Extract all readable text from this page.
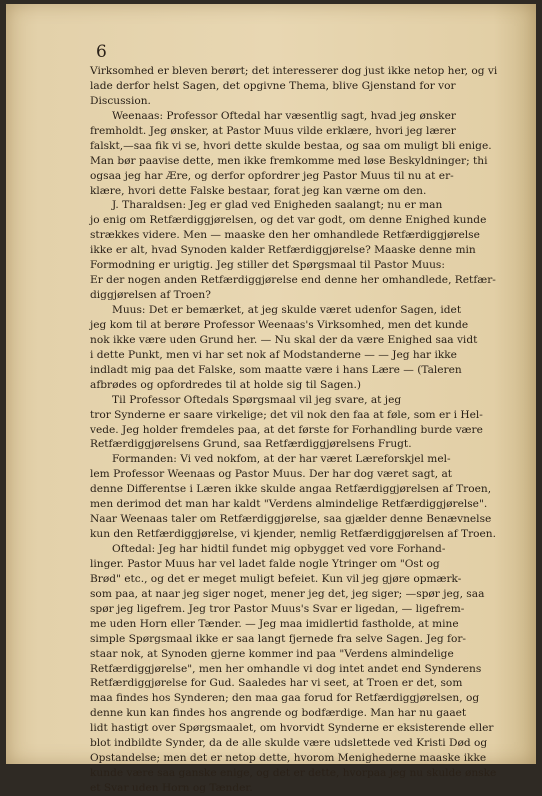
6
Virksomhed er bleven berørt; det interesserer dog just ikke netop her, og vi
lade derfor helst Sagen, det opgivne Thema, blive Gjenstand for vor
Discussion.
Weenaas: Professor Oftedal har væsentlig sagt, hvad jeg ønsker
fremholdt. Jeg ønsker, at Pastor Muus vilde erklære, hvori jeg lærer
falskt,—saa fik vi se, hvori dette skulde bestaa, og saa om muligt bli enige.
Man bør paavise dette, men ikke fremkomme med løse Beskyldninger; thi
ogsaa jeg har Ære, og derfor opfordrer jeg Pastor Muus til nu at er-
klære, hvori dette Falske bestaar, forat jeg kan værne om den.
J. Tharaldsen: Jeg er glad ved Enigheden saalangt; nu er man
jo enig om Retfærdiggjørelsen, og det var godt, om denne Enighed kunde
strækkes videre. Men — maaske den her omhandlede Retfærdiggjørelse
ikke er alt, hvad Synoden kalder Retfærdiggjørelse? Maaske denne min
Formodning er urigtig. Jeg stiller det Spørgsmaal til Pastor Muus:
Er der nogen anden Retfærdiggjørelse end denne her omhandlede, Retfær-
diggjørelsen af Troen?
Muus: Det er bemærket, at jeg skulde været udenfor Sagen, idet
jeg kom til at berøre Professor Weenaas's Virksomhed, men det kunde
nok ikke være uden Grund her. — Nu skal der da være Enighed saa vidt
i dette Punkt, men vi har set nok af Modstanderne — — Jeg har ikke
indladt mig paa det Falske, som maatte være i hans Lære — (Taleren
afbrødes og opfordredes til at holde sig til Sagen.)
Til Professor Oftedals Spørgsmaal vil jeg svare, at jeg
tror Synderne er saare virkelige; det vil nok den faa at føle, som er i Hel-
vede. Jeg holder fremdeles paa, at det første for Forhandling burde være
Retfærdiggjørelsens Grund, saa Retfærdiggjørelsens Frugt.
Formanden: Vi ved nokfom, at der har været Læreforskjel mel-
lem Professor Weenaas og Pastor Muus. Der har dog været sagt, at
denne Differentse i Læren ikke skulde angaa Retfærdiggjørelsen af Troen,
men derimod det man har kaldt "Verdens almindelige Retfærdiggjørelse".
Naar Weenaas taler om Retfærdiggjørelse, saa gjælder denne Benævnelse
kun den Retfærdiggjørelse, vi kjender, nemlig Retfærdiggjørelsen af Troen.
Oftedal: Jeg har hidtil fundet mig opbygget ved vore Forhand-
linger. Pastor Muus har vel ladet falde nogle Ytringer om "Ost og
Brød" etc., og det er meget muligt befeiet. Kun vil jeg gjøre opmærk-
som paa, at naar jeg siger noget, mener jeg det, jeg siger; —spør jeg, saa
spør jeg ligefrem. Jeg tror Pastor Muus's Svar er ligedan, — ligefrem-
me uden Horn eller Tænder. — Jeg maa imidlertid fastholde, at mine
simple Spørgsmaal ikke er saa langt fjernede fra selve Sagen. Jeg for-
staar nok, at Synoden gjerne kommer ind paa "Verdens almindelige
Retfærdiggjørelse", men her omhandle vi dog intet andet end Synderens
Retfærdiggjørelse for Gud. Saaledes har vi seet, at Troen er det, som
maa findes hos Synderen; den maa gaa forud for Retfærdiggjørelsen, og
denne kun kan findes hos angrende og bodfærdige. Man har nu gaaet
lidt hastigt over Spørgsmaalet, om hvorvidt Synderne er eksisterende eller
blot indbildte Synder, da de alle skulde være udslettede ved Kristi Død og
Opstandelse; men det er netop dette, hvorom Menighederne maaske ikke
kunde være saa ganske enige, og det er dette, hvorpaa jeg nu skulde ønske
et Svar uden Horn og Tænder.
